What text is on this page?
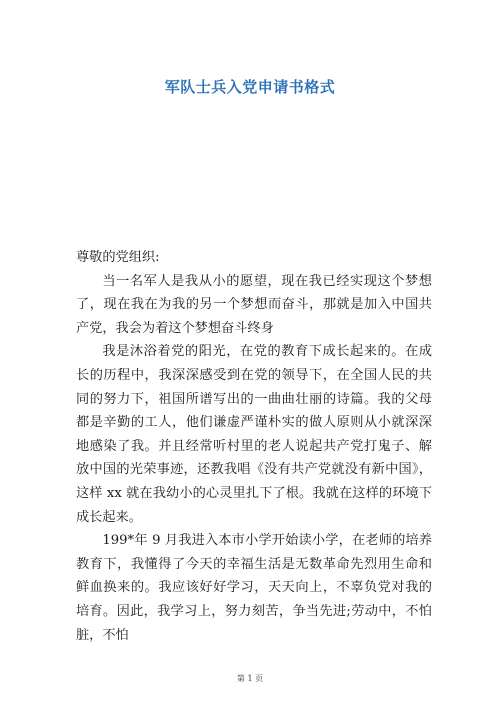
军队士兵入党申请书格式

尊敬的党组织:

当一名军人是我从小的愿望，现在我已经实现这个梦想了，现在我在为我的另一个梦想而奋斗，那就是加入中国共产党，我会为着这个梦想奋斗终身

我是沐浴着党的阳光，在党的教育下成长起来的。在成长的历程中，我深深感受到在党的领导下，在全国人民的共同的努力下，祖国所谱写出的一曲曲壮丽的诗篇。我的父母都是辛勤的工人，他们谦虚严谨朴实的做人原则从小就深深地感染了我。并且经常听村里的老人说起共产党打鬼子、解放中国的光荣事迹，还教我唱《没有共产党就没有新中国》，这样 xx 就在我幼小的心灵里扎下了根。我就在这样的环境下成长起来。

199*年 9 月我进入本市小学开始读小学，在老师的培养教育下，我懂得了今天的幸福生活是无数革命先烈用生命和鲜血换来的。我应该好好学习，天天向上，不辜负党对我的培育。因此，我学习上，努力刻苦，争当先进;劳动中，不怕脏，不怕

第 1 页
